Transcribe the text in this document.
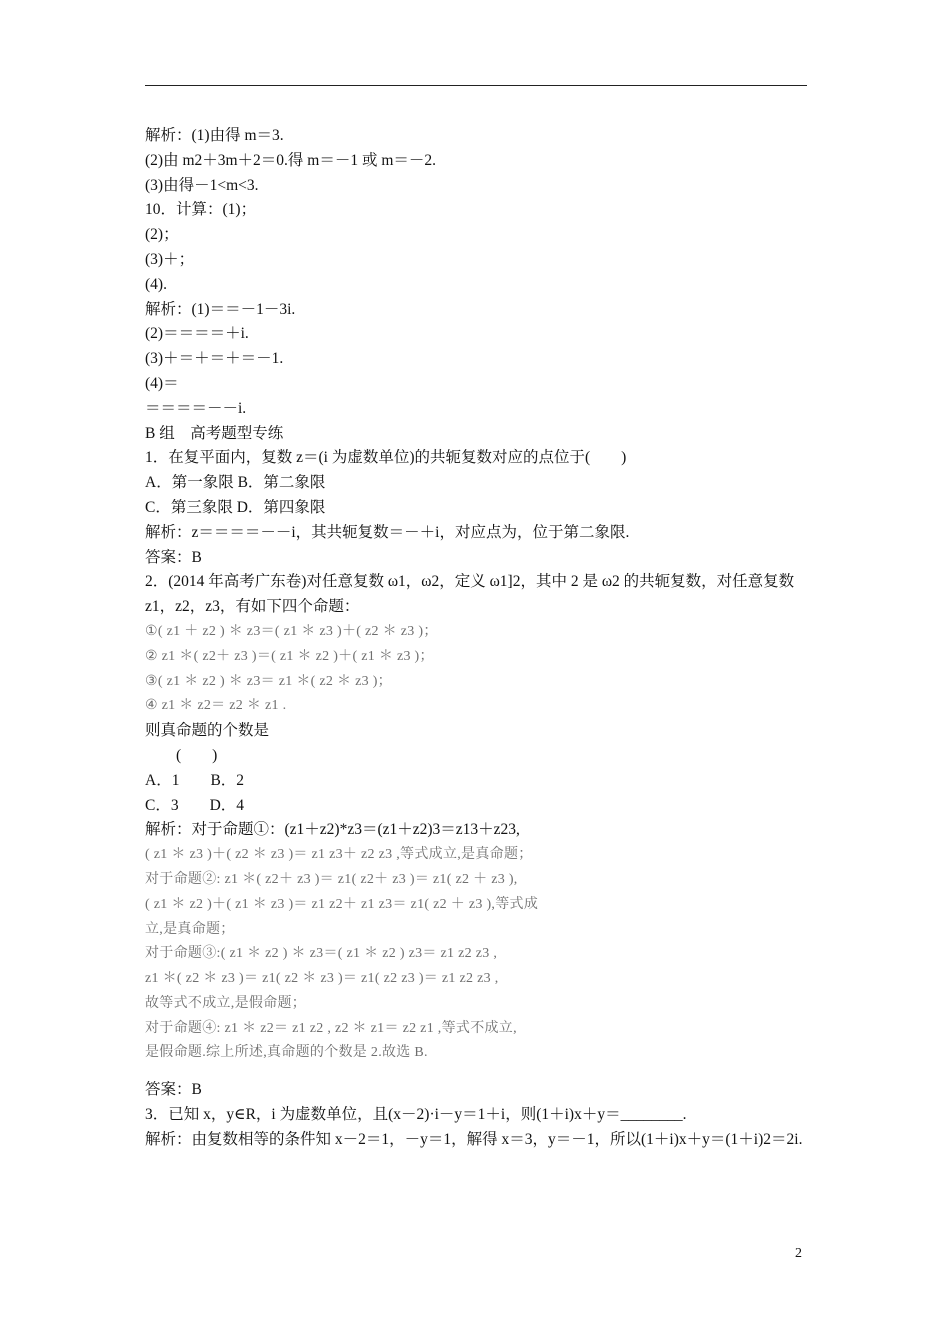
解析：(1)由得 m＝3.
(2)由 m2＋3m＋2＝0.得 m＝－1 或 m＝－2.
(3)由得－1<m<3.
10．计算：(1)；
(2)；
(3)＋；
(4).
解析：(1)＝＝－1－3i.
(2)＝＝＝＝＋i.
(3)＋＝＋＝＋＝－1.
(4)＝
＝＝＝＝－－i.
B 组　高考题型专练
1．在复平面内，复数 z＝(i 为虚数单位)的共轭复数对应的点位于(　　)
A．第一象限 B．第二象限
C．第三象限 D．第四象限
解析：z＝＝＝＝－－i，其共轭复数＝－＋i，对应点为，位于第二象限.
答案：B
2．(2014 年高考广东卷)对任意复数 ω1，ω2，定义 ω1]2，其中 2 是 ω2 的共轭复数，对任意复数 z1，z2，z3，有如下四个命题：
①( z1 ＋ z2 ) ＊ z3＝( z1 ＊ z3 )＋( z2 ＊ z3 )；
② z1 ＊( z2＋ z3 )＝( z1 ＊ z2 )＋( z1 ＊ z3 )；
③( z1 ＊ z2 ) ＊ z3＝ z1 ＊( z2 ＊ z3 )；
④ z1 ＊ z2＝ z2 ＊ z1 .
则真命题的个数是
　　(　　)
A．1　　B．2
C．3　　D．4
解析：对于命题①：(z1＋z2)*z3＝(z1＋z2)3＝z13＋z23,
( z1 ＊ z3 )＋( z2 ＊ z3 )＝ z1 z3＋ z2 z3 ,等式成立,是真命题；
对于命题②: z1 ＊( z2＋ z3 )＝ z1( z2＋ z3 )＝ z1( z2 ＋ z3 ),
( z1 ＊ z2 )＋( z1 ＊ z3 )＝ z1 z2＋ z1 z3＝ z1( z2 ＋ z3 ),等式成
立,是真命题；
对于命题③:( z1 ＊ z2 ) ＊ z3＝( z1 ＊ z2 ) z3＝ z1 z2 z3 ,
z1 ＊( z2 ＊ z3 )＝ z1( z2 ＊ z3 )＝ z1( z2 z3 )＝ z1 z2 z3 ,
故等式不成立,是假命题；
对于命题④: z1 ＊ z2＝ z1 z2 , z2 ＊ z1＝ z2 z1 ,等式不成立,
是假命题.综上所述,真命题的个数是 2.故选 B.
答案：B
3．已知 x，y∈R，i 为虚数单位，且(x－2)·i－y＝1＋i，则(1＋i)x＋y＝________.
解析：由复数相等的条件知 x－2＝1，－y＝1，解得 x＝3，y＝－1，所以(1＋i)x＋y＝(1＋i)2＝2i.
2
